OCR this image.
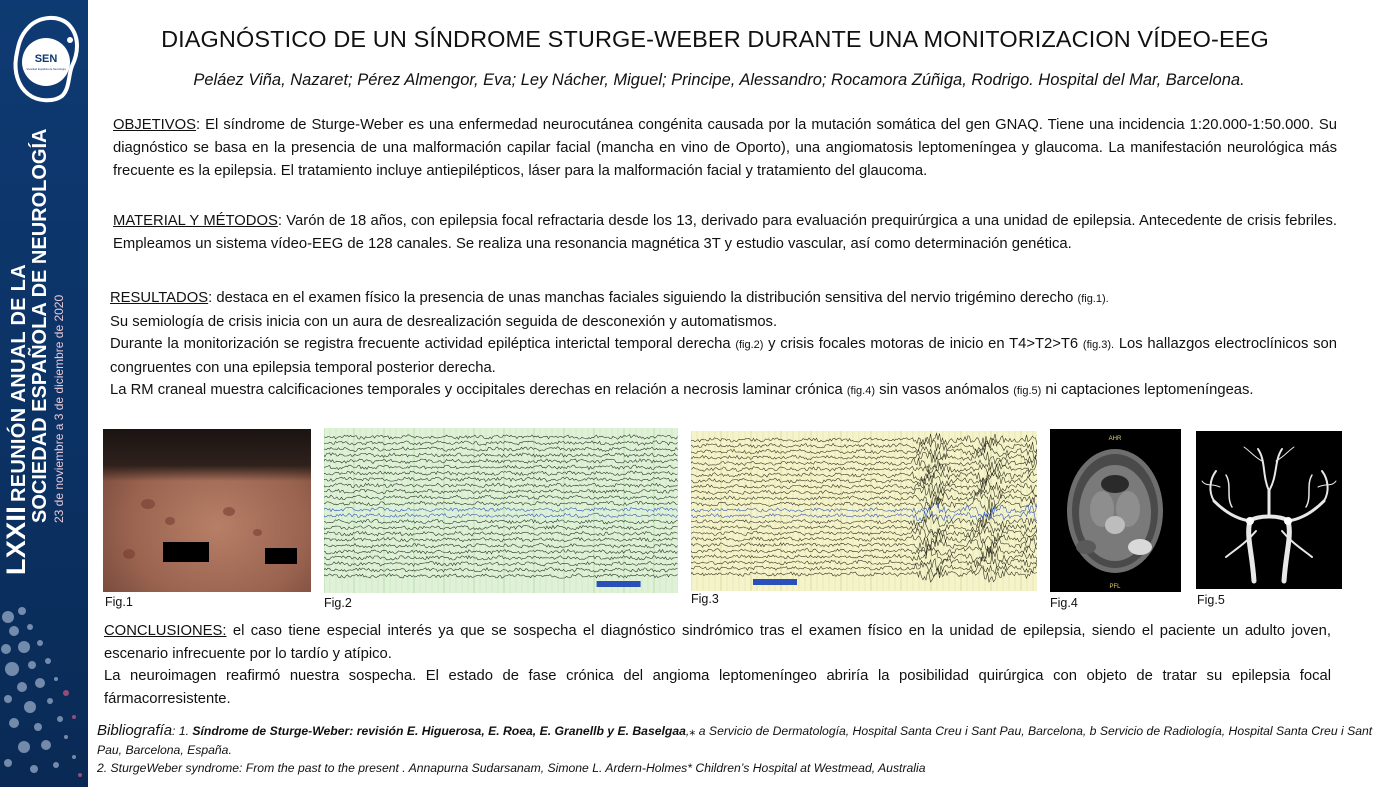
SEN
Sociedad Española de Neurología
LXXIIREUNIÓN ANUAL DE LA SOCIEDAD ESPAÑOLA DE NEUROLOGÍA 23 de noviembre a 3 de diciembre de 2020
DIAGNÓSTICO DE UN SÍNDROME STURGE-WEBER DURANTE UNA MONITORIZACION VÍDEO-EEG
Peláez Viña, Nazaret; Pérez Almengor, Eva; Ley Nácher, Miguel; Principe, Alessandro; Rocamora Zúñiga, Rodrigo. Hospital del Mar, Barcelona.
OBJETIVOS: El síndrome de Sturge-Weber es una enfermedad neurocutánea congénita causada por la mutación somática del gen GNAQ. Tiene una incidencia 1:20.000-1:50.000. Su diagnóstico se basa en la presencia de una malformación capilar facial (mancha en vino de Oporto), una angiomatosis leptomeníngea y glaucoma. La manifestación neurológica más frecuente es la epilepsia. El tratamiento incluye antiepilépticos, láser para la malformación facial y tratamiento del glaucoma.
MATERIAL Y MÉTODOS: Varón de 18 años, con epilepsia focal refractaria desde los 13, derivado para evaluación prequirúrgica a una unidad de epilepsia. Antecedente de crisis febriles. Empleamos un sistema vídeo-EEG de 128 canales. Se realiza una resonancia magnética 3T y estudio vascular, así como determinación genética.

RESULTADOS: destaca en el examen físico la presencia de unas manchas faciales siguiendo la distribución sensitiva del nervio trigémino derecho (fig.1).

Su semiología de crisis inicia con un aura de desrealización seguida de desconexión y automatismos.

Durante la monitorización se registra frecuente actividad epiléptica interictal temporal derecha (fig.2) y crisis focales motoras de inicio en T4>T2>T6 (fig.3). Los hallazgos electroclínicos son congruentes con una epilepsia temporal posterior derecha.

La RM craneal muestra calcificaciones temporales y occipitales derechas en relación a necrosis laminar crónica (fig.4) sin vasos anómalos (fig.5) ni captaciones leptomeníngeas.

Fig.1	Fig.2	Fig.3
AHR
PFL
Fig.4	Fig.5

CONCLUSIONES: el caso tiene especial interés ya que se sospecha el diagnóstico sindrómico tras el examen físico en la unidad de epilepsia, siendo el paciente un adulto joven, escenario infrecuente por lo tardío y atípico.

La neuroimagen reafirmó nuestra sospecha. El estado de fase crónica del angioma leptomeníngeo abriría la posibilidad quirúrgica con objeto de tratar su epilepsia focal fármacorresistente.

Bibliografía: 1. Síndrome de Sturge-Weber: revisión E. Higuerosa, E. Roea, E. Granellb y E. Baselgaa,⁎ a Servicio de Dermatología, Hospital Santa Creu i Sant Pau, Barcelona, b Servicio de Radiología, Hospital Santa Creu i Sant Pau, Barcelona, España.
2. SturgeWeber syndrome: From the past to the present . Annapurna Sudarsanam, Simone L. Ardern-Holmes* Children’s Hospital at Westmead, Australia
